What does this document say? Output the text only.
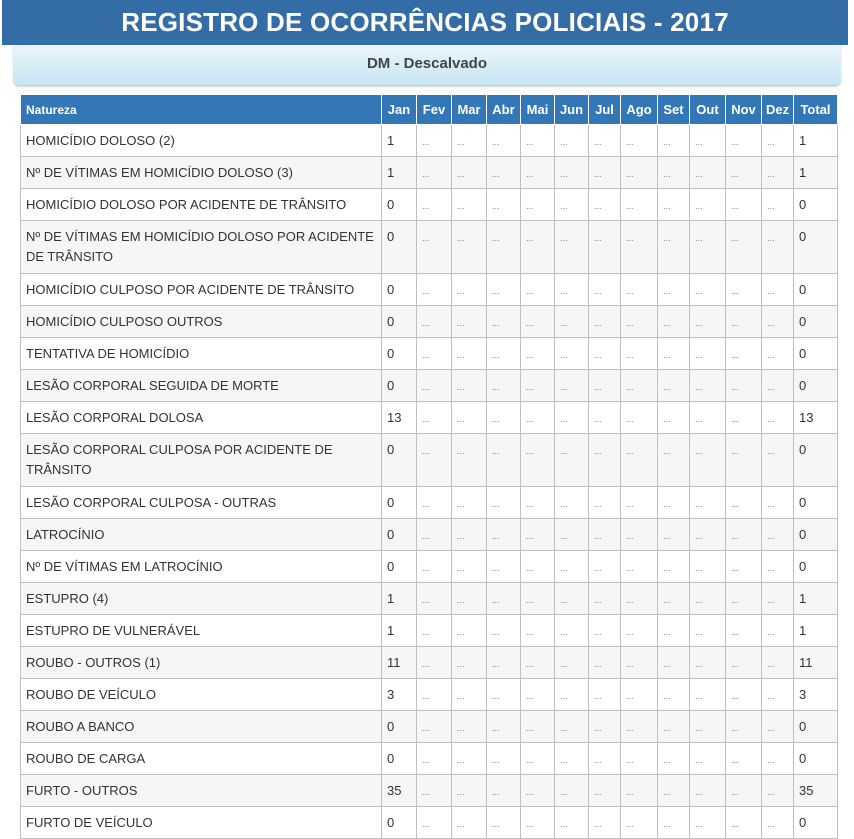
REGISTRO DE OCORRÊNCIAS POLICIAIS - 2017
DM - Descalvado
Natureza	Jan	Fev	Mar	Abr	Mai	Jun	Jul	Ago	Set	Out	Nov	Dez	Total
HOMICÍDIO DOLOSO (2)	1	...	...	...	...	...	...	...	...	...	...	...	1
Nº DE VÍTIMAS EM HOMICÍDIO DOLOSO (3)	1	...	...	...	...	...	...	...	...	...	...	...	1
HOMICÍDIO DOLOSO POR ACIDENTE DE TRÂNSITO	0	...	...	...	...	...	...	...	...	...	...	...	0
Nº DE VÍTIMAS EM HOMICÍDIO DOLOSO POR ACIDENTE DE TRÂNSITO	0	...	...	...	...	...	...	...	...	...	...	...	0
HOMICÍDIO CULPOSO POR ACIDENTE DE TRÂNSITO	0	...	...	...	...	...	...	...	...	...	...	...	0
HOMICÍDIO CULPOSO OUTROS	0	...	...	...	...	...	...	...	...	...	...	...	0
TENTATIVA DE HOMICÍDIO	0	...	...	...	...	...	...	...	...	...	...	...	0
LESÃO CORPORAL SEGUIDA DE MORTE	0	...	...	...	...	...	...	...	...	...	...	...	0
LESÃO CORPORAL DOLOSA	13	...	...	...	...	...	...	...	...	...	...	...	13
LESÃO CORPORAL CULPOSA POR ACIDENTE DE TRÂNSITO	0	...	...	...	...	...	...	...	...	...	...	...	0
LESÃO CORPORAL CULPOSA - OUTRAS	0	...	...	...	...	...	...	...	...	...	...	...	0
LATROCÍNIO	0	...	...	...	...	...	...	...	...	...	...	...	0
Nº DE VÍTIMAS EM LATROCÍNIO	0	...	...	...	...	...	...	...	...	...	...	...	0
ESTUPRO (4)	1	...	...	...	...	...	...	...	...	...	...	...	1
ESTUPRO DE VULNERÁVEL	1	...	...	...	...	...	...	...	...	...	...	...	1
ROUBO - OUTROS (1)	11	...	...	...	...	...	...	...	...	...	...	...	11
ROUBO DE VEÍCULO	3	...	...	...	...	...	...	...	...	...	...	...	3
ROUBO A BANCO	0	...	...	...	...	...	...	...	...	...	...	...	0
ROUBO DE CARGA	0	...	...	...	...	...	...	...	...	...	...	...	0
FURTO - OUTROS	35	...	...	...	...	...	...	...	...	...	...	...	35
FURTO DE VEÍCULO	0	...	...	...	...	...	...	...	...	...	...	...	0
